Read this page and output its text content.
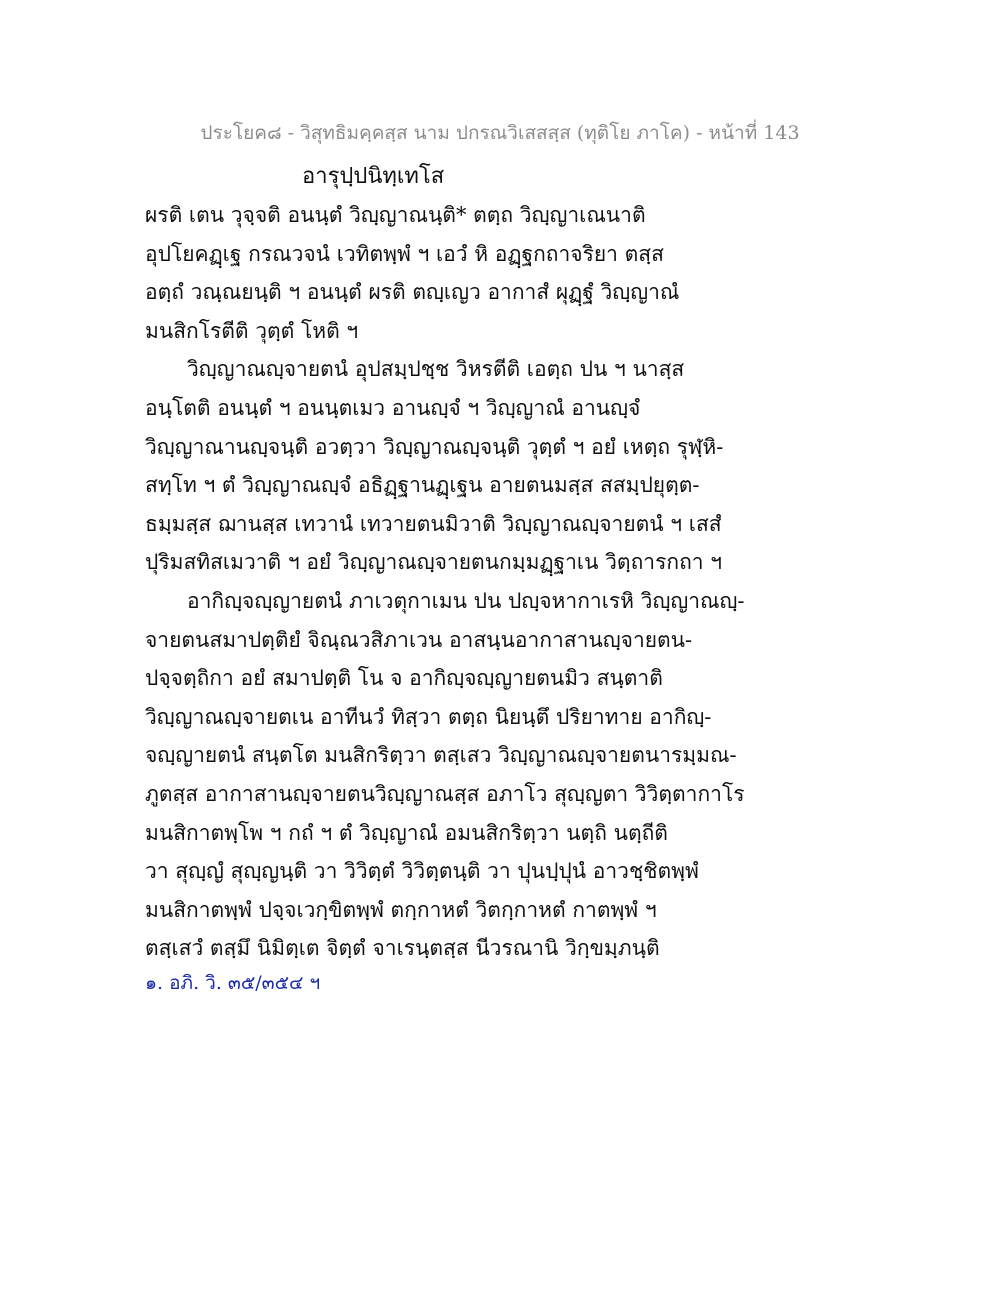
ประโยค๘ - วิสุทธิมคฺคสฺส นาม ปกรณวิเสสสฺส (ทุติโย ภาโค) - หน้าที่ 143
อารุปฺปนิทฺเทโส
ผรติ เตน วุจฺจติ อนนฺตํ วิญฺญาณนฺติ* ตตฺถ วิญฺญาเณนาติ
อุปโยคฏฺเฐ กรณวจนํ เวทิตพฺพํ ฯ เอวํ หิ อฏฺฐกถาจริยา ตสฺส
อตฺถํ วณฺณยนฺติ ฯ อนนฺตํ ผรติ ตญฺเญว อากาสํ ผุฏฺฐํ วิญฺญาณํ
มนสิกโรตีติ วุตฺตํ โหติ ฯ
วิญฺญาณญฺจายตนํ อุปสมฺปชฺช วิหรตีติ เอตฺถ ปน ฯ นาสฺส
อนฺโตติ อนนฺตํ ฯ อนนฺตเมว อานญฺจํ ฯ วิญฺญาณํ อานญฺจํ
วิญฺญาณานญฺจนฺติ อวตฺวา วิญฺญาณญฺจนฺติ วุตฺตํ ฯ อยํ เหตฺถ รุฬฺหิ-
สทฺโท ฯ ตํ วิญฺญาณญฺจํ อธิฏฺฐานฏฺเฐน อายตนมสฺส สสมฺปยุตฺต-
ธมฺมสฺส ฌานสฺส เทวานํ เทวายตนมิวาติ วิญฺญาณญฺจายตนํ ฯ เสสํ
ปุริมสทิสเมวาติ ฯ อยํ วิญฺญาณญฺจายตนกมฺมฏฺฐาเน วิตฺถารกถา ฯ
อากิญฺจญฺญายตนํ ภาเวตุกาเมน ปน ปญฺจหากาเรหิ วิญฺญาณญฺ-
จายตนสมาปตฺติยํ จิณฺณวสิภาเวน อาสนฺนอากาสานญฺจายตน-
ปจฺจตฺถิกา อยํ สมาปตฺติ โน จ อากิญฺจญฺญายตนมิว สนฺตาติ
วิญฺญาณญฺจายตเน อาทีนวํ ทิสฺวา ตตฺถ นิยนฺตึ ปริยาทาย อากิญฺ-
จญฺญายตนํ สนฺตโต มนสิกริตฺวา ตสฺเสว วิญฺญาณญฺจายตนารมฺมณ-
ภูตสฺส อากาสานญฺจายตนวิญฺญาณสฺส อภาโว สุญฺญตา วิวิตฺตากาโร
มนสิกาตพฺโพ ฯ กถํ ฯ ตํ วิญฺญาณํ อมนสิกริตฺวา นตฺถิ นตฺถีติ
วา สุญฺญํ สุญฺญนฺติ วา วิวิตฺตํ วิวิตฺตนฺติ วา ปุนปฺปุนํ อาวชฺชิตพฺพํ
มนสิกาตพฺพํ ปจฺจเวกฺขิตพฺพํ ตกฺกาหตํ วิตกฺกาหตํ กาตพฺพํ ฯ
ตสฺเสวํ ตสฺมึ นิมิตฺเต จิตฺตํ จาเรนฺตสฺส นีวรณานิ วิกฺขมฺภนฺติ
๑. อภิ. วิ. ๓๕/๓๕๔ ฯ
